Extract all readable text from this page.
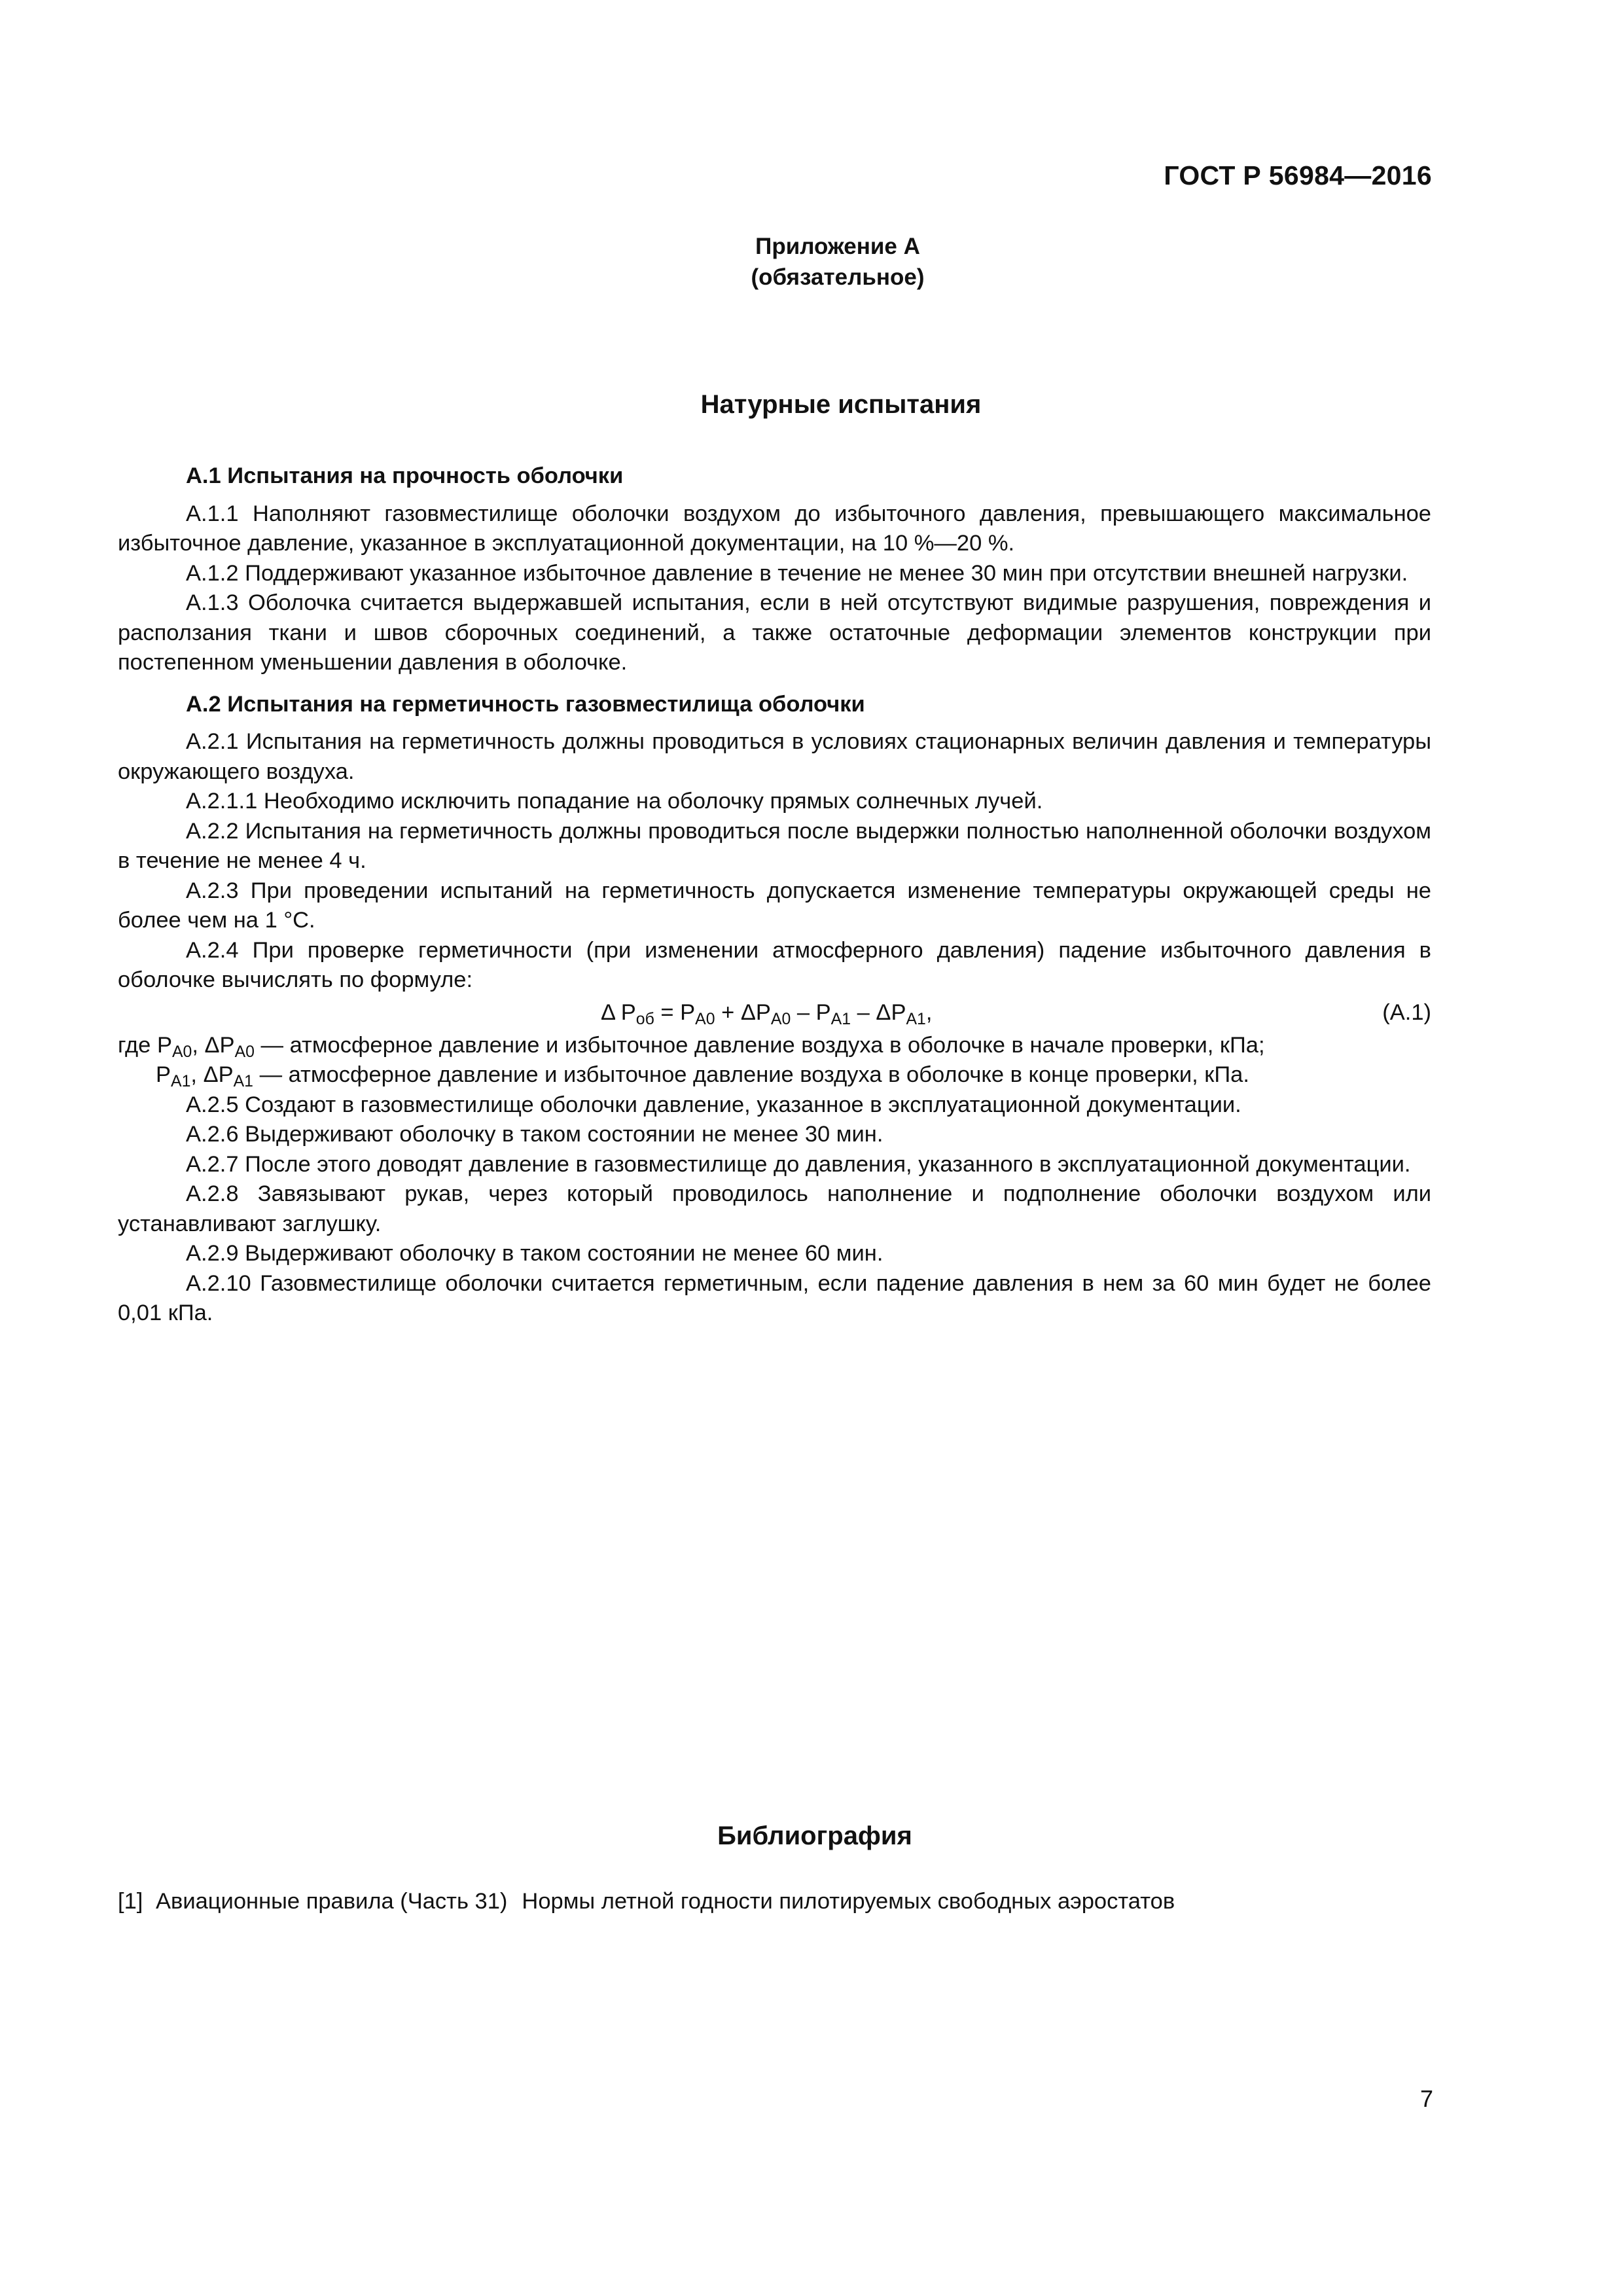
ГОСТ Р 56984—2016
Приложение А
(обязательное)
Натурные испытания

А.1 Испытания на прочность оболочки

А.1.1 Наполняют газовместилище оболочки воздухом до избыточного давления, превышающего максимальное избыточное давление, указанное в эксплуатационной документации, на 10 %—20 %.

А.1.2 Поддерживают указанное избыточное давление в течение не менее 30 мин при отсутствии внешней нагрузки.

А.1.3 Оболочка считается выдержавшей испытания, если в ней отсутствуют видимые разрушения, повреждения и расползания ткани и швов сборочных соединений, а также остаточные деформации элементов конструкции при постепенном уменьшении давления в оболочке.

А.2 Испытания на герметичность газовместилища оболочки

А.2.1 Испытания на герметичность должны проводиться в условиях стационарных величин давления и температуры окружающего воздуха.

А.2.1.1 Необходимо исключить попадание на оболочку прямых солнечных лучей.

А.2.2 Испытания на герметичность должны проводиться после выдержки полностью наполненной оболочки воздухом в течение не менее 4 ч.

А.2.3 При проведении испытаний на герметичность допускается изменение температуры окружающей среды не более чем на 1 °С.

А.2.4 При проверке герметичности (при изменении атмосферного давления) падение избыточного давления в оболочке вычислять по формуле:

Δ $P_{об} = P_{А0} + \Delta P_{А0} - P_{А1} - \Delta P_{А1}$,	(А.1)

где $P_{А0}$, $\Delta P_{А0}$ — атмосферное давление и избыточное давление воздуха в оболочке в начале проверки, кПа;

$P_{А1}$, $\Delta P_{А1}$ — атмосферное давление и избыточное давление воздуха в оболочке в конце проверки, кПа.

А.2.5 Создают в газовместилище оболочки давление, указанное в эксплуатационной документации.

А.2.6 Выдерживают оболочку в таком состоянии не менее 30 мин.

А.2.7 После этого доводят давление в газовместилище до давления, указанного в эксплуатационной документации.

А.2.8 Завязывают рукав, через который проводилось наполнение и подполнение оболочки воздухом или устанавливают заглушку.

А.2.9 Выдерживают оболочку в таком состоянии не менее 60 мин.

А.2.10 Газовместилище оболочки считается герметичным, если падение давления в нем за 60 мин будет не более 0,01 кПа.

Библиография
[1] Авиационные правила (Часть 31) Нормы летной годности пилотируемых свободных аэростатов
7
